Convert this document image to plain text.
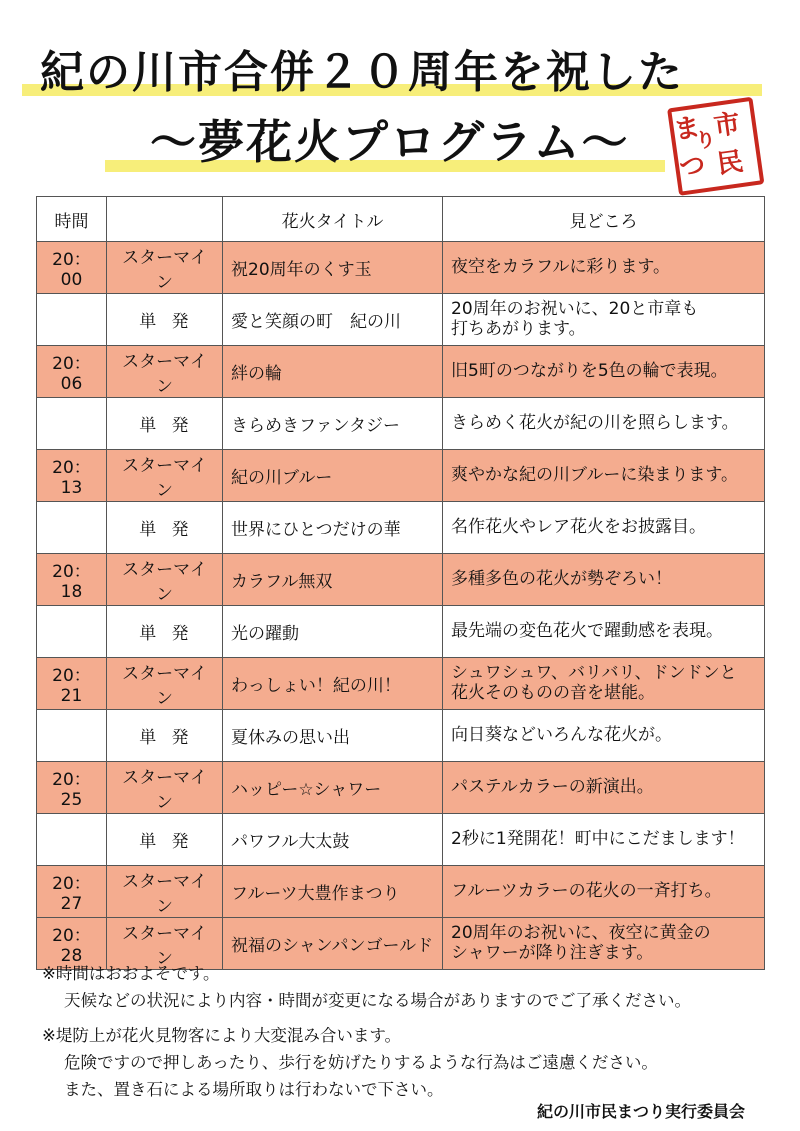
紀の川市合併２０周年を祝した
～夢花火プログラム～ ま 市
つ 民
り
時間		花火タイトル	見どころ
20：00	スターマイン	祝20周年のくす玉	夜空をカラフルに彩ります。

	単発	愛と笑顔の町　紀の川	20周年のお祝いに、20と市章も
打ちあがります。

20：06	スターマイン	絆の輪	旧5町のつながりを5色の輪で表現。

	単発	きらめきファンタジー	きらめく花火が紀の川を照らします。

20：13	スターマイン	紀の川ブルー	爽やかな紀の川ブルーに染まります。

	単発	世界にひとつだけの華	名作花火やレア花火をお披露目。

20：18	スターマイン	カラフル無双	多種多色の花火が勢ぞろい！

	単発	光の躍動	最先端の変色花火で躍動感を表現。

20：21	スターマイン	わっしょい！紀の川！	シュワシュワ、バリバリ、ドンドンと
花火そのものの音を堪能。

	単発	夏休みの思い出	向日葵などいろんな花火が。

20：25	スターマイン	ハッピー☆シャワー	パステルカラーの新演出。

	単発	パワフル大太鼓	2秒に1発開花！町中にこだまします！

20：27	スターマイン	フルーツ大豊作まつり	フルーツカラーの花火の一斉打ち。

20：28	スターマイン	祝福のシャンパンゴールド	20周年のお祝いに、夜空に黄金の
シャワーが降り注ぎます。

※時間はおおよそです。

天候などの状況により内容・時間が変更になる場合がありますのでご了承ください。

※堤防上が花火見物客により大変混み合います。

危険ですので押しあったり、歩行を妨げたりするような行為はご遠慮ください。

また、置き石による場所取りは行わないで下さい。

紀の川市民まつり実行委員会
